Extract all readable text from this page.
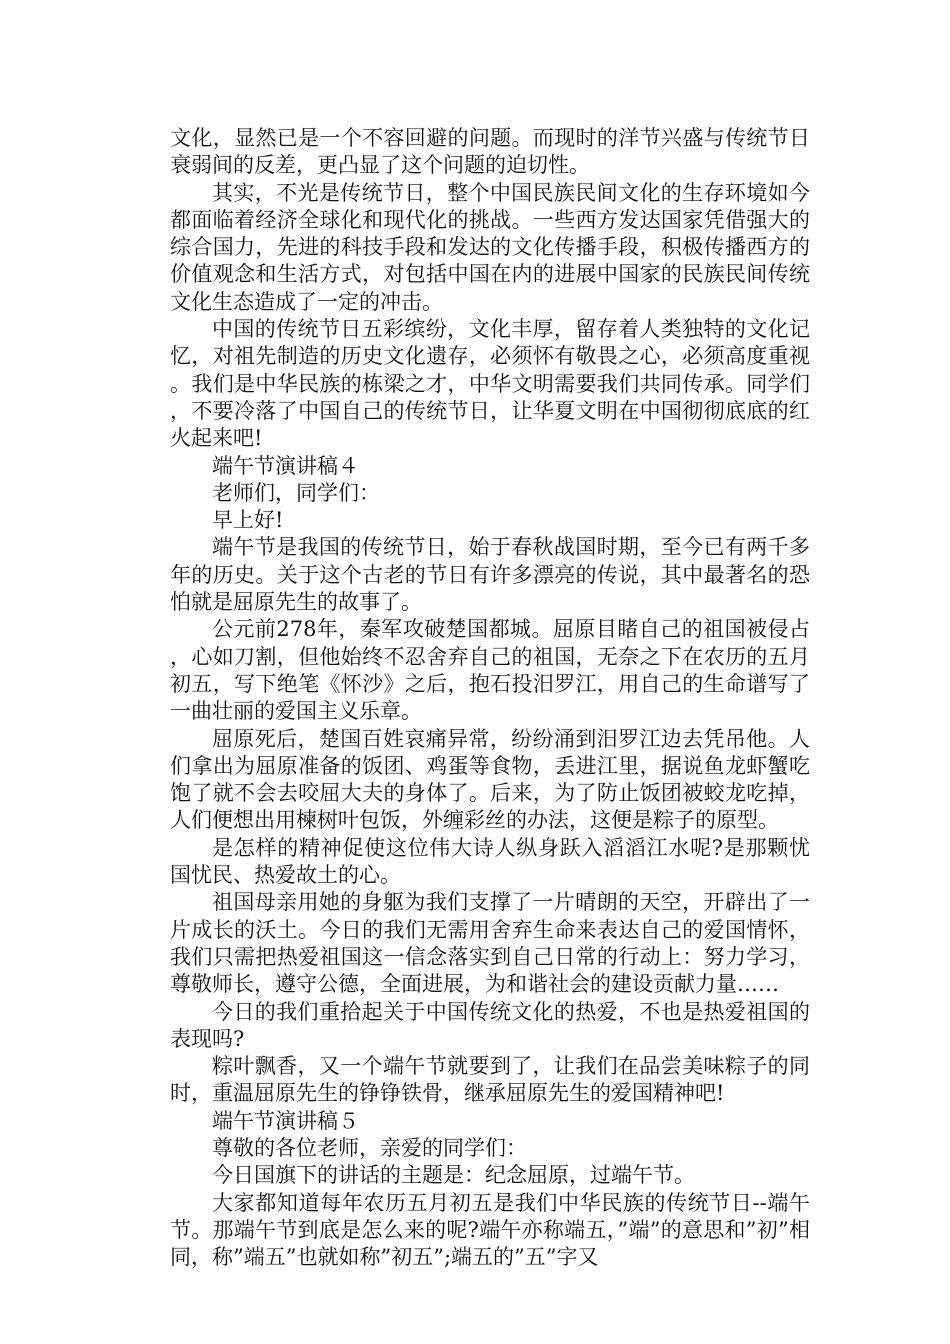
文化，显然已是一个不容回避的问题。而现时的洋节兴盛与传统节日衰弱间的反差，更凸显了这个问题的迫切性。

其实，不光是传统节日，整个中国民族民间文化的生存环境如今都面临着经济全球化和现代化的挑战。一些西方发达国家凭借强大的综合国力，先进的科技手段和发达的文化传播手段，积极传播西方的价值观念和生活方式，对包括中国在内的进展中国家的民族民间传统文化生态造成了一定的冲击。

中国的传统节日五彩缤纷，文化丰厚，留存着人类独特的文化记忆，对祖先制造的历史文化遗存，必须怀有敬畏之心，必须高度重视。我们是中华民族的栋梁之才，中华文明需要我们共同传承。同学们，不要冷落了中国自己的传统节日，让华夏文明在中国彻彻底底的红火起来吧!

端午节演讲稿４

老师们，同学们：

早上好!

端午节是我国的传统节日，始于春秋战国时期，至今已有两千多年的历史。关于这个古老的节日有许多漂亮的传说，其中最著名的恐怕就是屈原先生的故事了。

公元前278年，秦军攻破楚国都城。屈原目睹自己的祖国被侵占，心如刀割，但他始终不忍舍弃自己的祖国，无奈之下在农历的五月初五，写下绝笔《怀沙》之后，抱石投汨罗江，用自己的生命谱写了一曲壮丽的爱国主义乐章。

屈原死后，楚国百姓哀痛异常，纷纷涌到汨罗江边去凭吊他。人们拿出为屈原准备的饭团、鸡蛋等食物，丢进江里，据说鱼龙虾蟹吃饱了就不会去咬屈大夫的身体了。后来，为了防止饭团被蛟龙吃掉，人们便想出用楝树叶包饭，外缠彩丝的办法，这便是粽子的原型。

是怎样的精神促使这位伟大诗人纵身跃入滔滔江水呢?是那颗忧国忧民、热爱故土的心。

祖国母亲用她的身躯为我们支撑了一片晴朗的天空，开辟出了一片成长的沃土。今日的我们无需用舍弃生命来表达自己的爱国情怀，我们只需把热爱祖国这一信念落实到自己日常的行动上：努力学习，尊敬师长，遵守公德，全面进展，为和谐社会的建设贡献力量……

今日的我们重拾起关于中国传统文化的热爱，不也是热爱祖国的表现吗?

粽叶飘香，又一个端午节就要到了，让我们在品尝美味粽子的同时，重温屈原先生的铮铮铁骨，继承屈原先生的爱国精神吧!

端午节演讲稿５

尊敬的各位老师，亲爱的同学们：

今日国旗下的讲话的主题是：纪念屈原，过端午节。

大家都知道每年农历五月初五是我们中华民族的传统节日--端午节。那端午节到底是怎么来的呢?端午亦称端五，”端”的意思和”初”相同，称”端五”也就如称”初五”;端五的”五”字又
